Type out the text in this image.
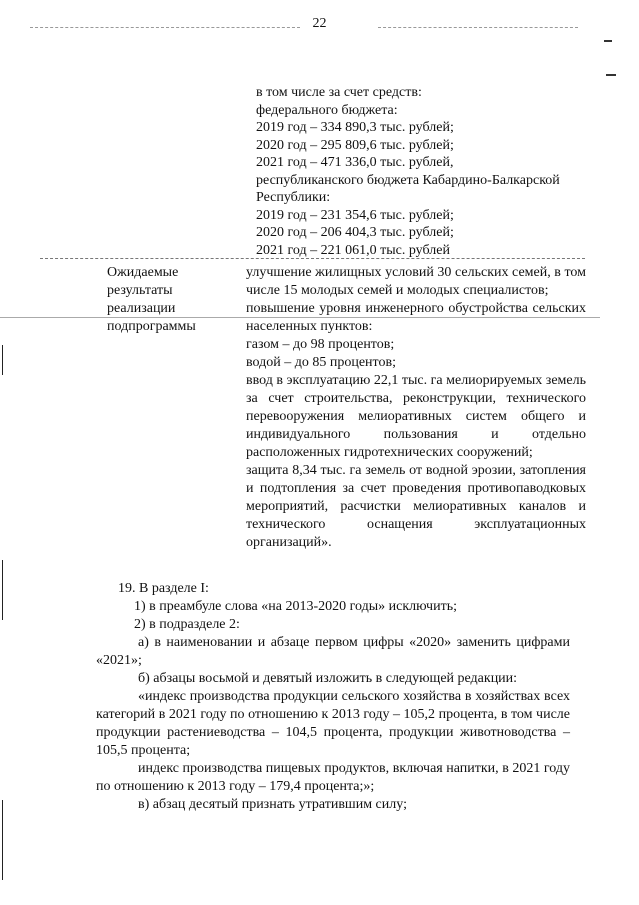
22
в том числе за счет средств:
федерального бюджета:
2019 год – 334 890,3 тыс. рублей;
2020 год – 295 809,6 тыс. рублей;
2021 год – 471 336,0 тыс. рублей,
республиканского бюджета Кабардино-Балкарской
Республики:
2019 год – 231 354,6 тыс. рублей;
2020 год – 206 404,3 тыс. рублей;
2021 год – 221 061,0 тыс. рублей
Ожидаемые
результаты
реализации
подпрограммы

улучшение жилищных условий 30 сельских семей, в том числе 15 молодых семей и молодых специалистов;

повышение уровня инженерного обустройства сельских населенных пунктов:

газом – до 98 процентов;

водой – до 85 процентов;

ввод в эксплуатацию 22,1 тыс. га мелиорируемых земель за счет строительства, реконструкции, технического перевооружения мелиоративных систем общего и индивидуального пользования и отдельно расположенных гидротехнических сооружений;

защита 8,34 тыс. га земель от водной эрозии, затопления и подтопления за счет проведения противопаводковых мероприятий, расчистки мелиоративных каналов и технического оснащения эксплуатационных организаций».

19. В разделе I:

1) в преамбуле слова «на 2013-2020 годы» исключить;

2) в подразделе 2:

а) в наименовании и абзаце первом цифры «2020» заменить цифрами «2021»;

б) абзацы восьмой и девятый изложить в следующей редакции:

«индекс производства продукции сельского хозяйства в хозяйствах всех категорий в 2021 году по отношению к 2013 году – 105,2 процента, в том числе продукции растениеводства – 104,5 процента, продукции животноводства –105,5 процента;

индекс производства пищевых продуктов, включая напитки, в 2021 году по отношению к 2013 году – 179,4 процента;»;

в) абзац десятый признать утратившим силу;
